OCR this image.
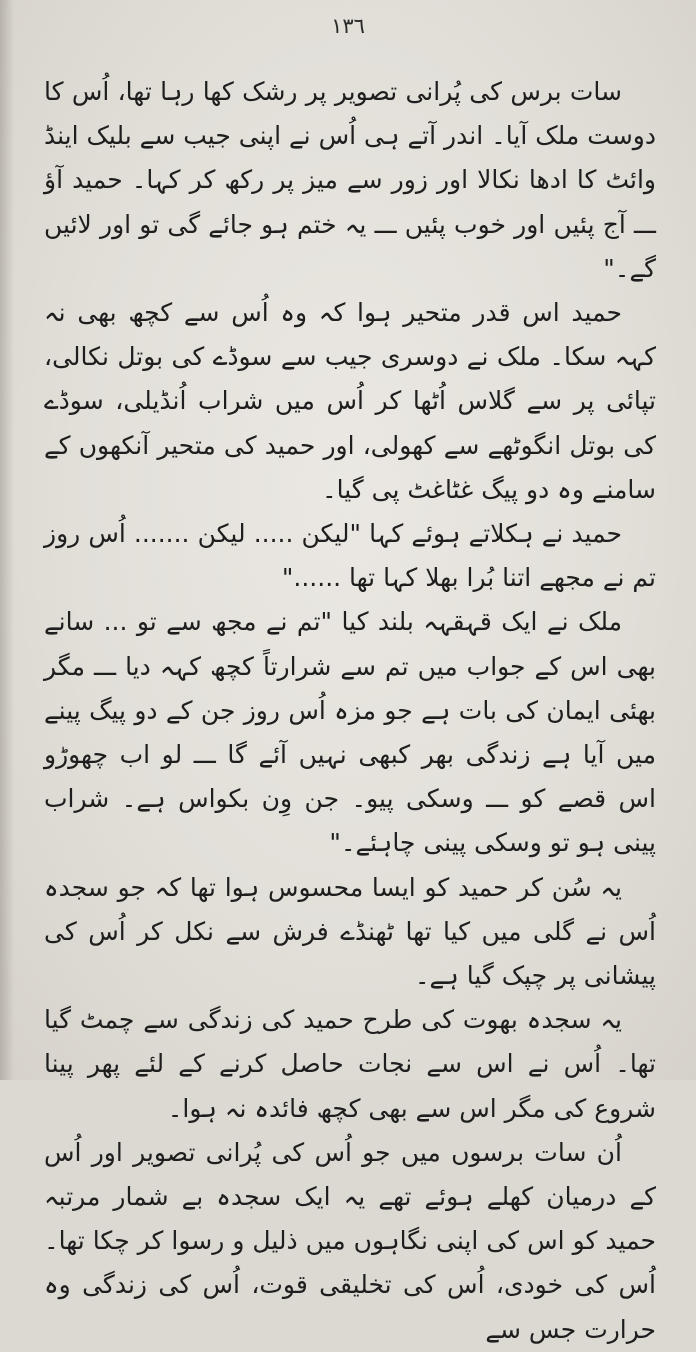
١٣٦

سات برس کی پُرانی تصویر پر رشک کھا رہا تھا، اُس کا دوست ملک آیا۔ اندر آتے ہی اُس نے اپنی جیب سے بلیک اینڈ وائٹ کا ادھا نکالا اور زور سے میز پر رکھ کر کہا۔ حمید آؤ ـــ آج پئیں اور خوب پئیں ـــ یہ ختم ہو جائے گی تو اور لائیں گے۔"

حمید اس قدر متحیر ہوا کہ وہ اُس سے کچھ بھی نہ کہہ سکا۔ ملک نے دوسری جیب سے سوڈے کی بوتل نکالی، تپائی پر سے گلاس اُٹھا کر اُس میں شراب اُنڈیلی، سوڈے کی بوتل انگوٹھے سے کھولی، اور حمید کی متحیر آنکھوں کے سامنے وہ دو پیگ غٹاغٹ پی گیا۔

حمید نے ہکلاتے ہوئے کہا "لیکن ..... لیکن ....... اُس روز تم نے مجھے اتنا بُرا بھلا کہا تھا ......"

ملک نے ایک قہقہہ بلند کیا "تم نے مجھ سے تو ... سانے بھی اس کے جواب میں تم سے شرارتاً کچھ کہہ دیا ـــ مگر بھئی ایمان کی بات ہے جو مزہ اُس روز جن کے دو پیگ پینے میں آیا ہے زندگی بھر کبھی نہیں آئے گا ـــ لو اب چھوڑو اس قصے کو ـــ وسکی پیو۔ جن وِن بکواس ہے۔ شراب پینی ہو تو وسکی پینی چاہئے۔"

یہ سُن کر حمید کو ایسا محسوس ہوا تھا کہ جو سجدہ اُس نے گلی میں کیا تھا ٹھنڈے فرش سے نکل کر اُس کی پیشانی پر چپک گیا ہے۔

یہ سجدہ بھوت کی طرح حمید کی زندگی سے چمٹ گیا تھا۔ اُس نے اس سے نجات حاصل کرنے کے لئے پھر پینا شروع کی مگر اس سے بھی کچھ فائدہ نہ ہوا۔

اُن سات برسوں میں جو اُس کی پُرانی تصویر اور اُس کے درمیان کھلے ہوئے تھے یہ ایک سجدہ بے شمار مرتبہ حمید کو اس کی اپنی نگاہوں میں ذلیل و رسوا کر چکا تھا۔ اُس کی خودی، اُس کی تخلیقی قوت، اُس کی زندگی وہ حرارت جس سے
